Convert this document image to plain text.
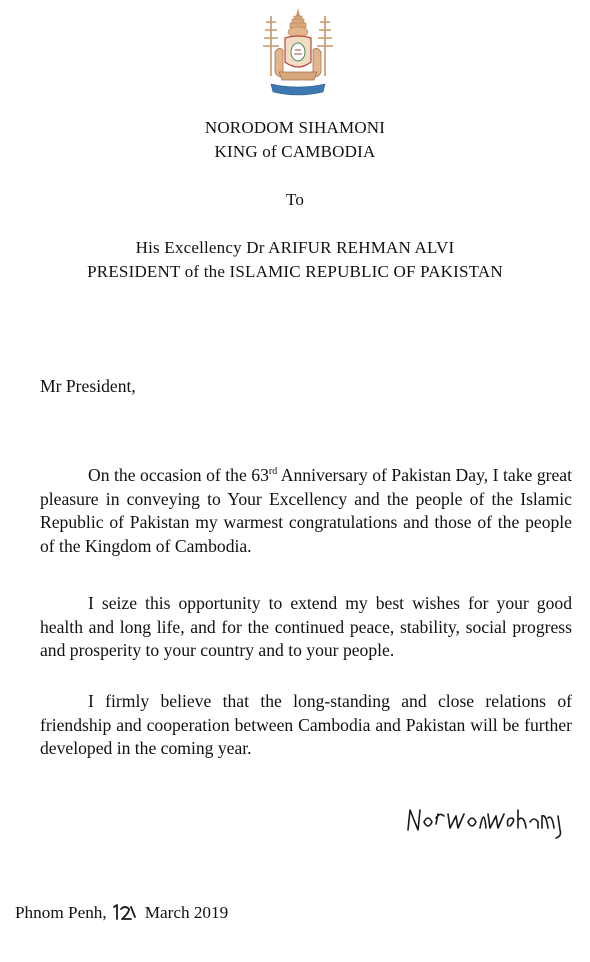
NORODOM SIHAMONI
KING of CAMBODIA
To
His Excellency Dr ARIFUR REHMAN ALVI
PRESIDENT of the ISLAMIC REPUBLIC OF PAKISTAN
Mr President,

On the occasion of the 63rd Anniversary of Pakistan Day, I take great pleasure in conveying to Your Excellency and the people of the Islamic Republic of Pakistan my warmest congratulations and those of the people of the Kingdom of Cambodia.

I seize this opportunity to extend my best wishes for your good health and long life, and for the continued peace, stability, social progress and prosperity to your country and to your people.

I firmly believe that the long-standing and close relations of friendship and cooperation between Cambodia and Pakistan will be further developed in the coming year.

Phnom Penh, March 2019
